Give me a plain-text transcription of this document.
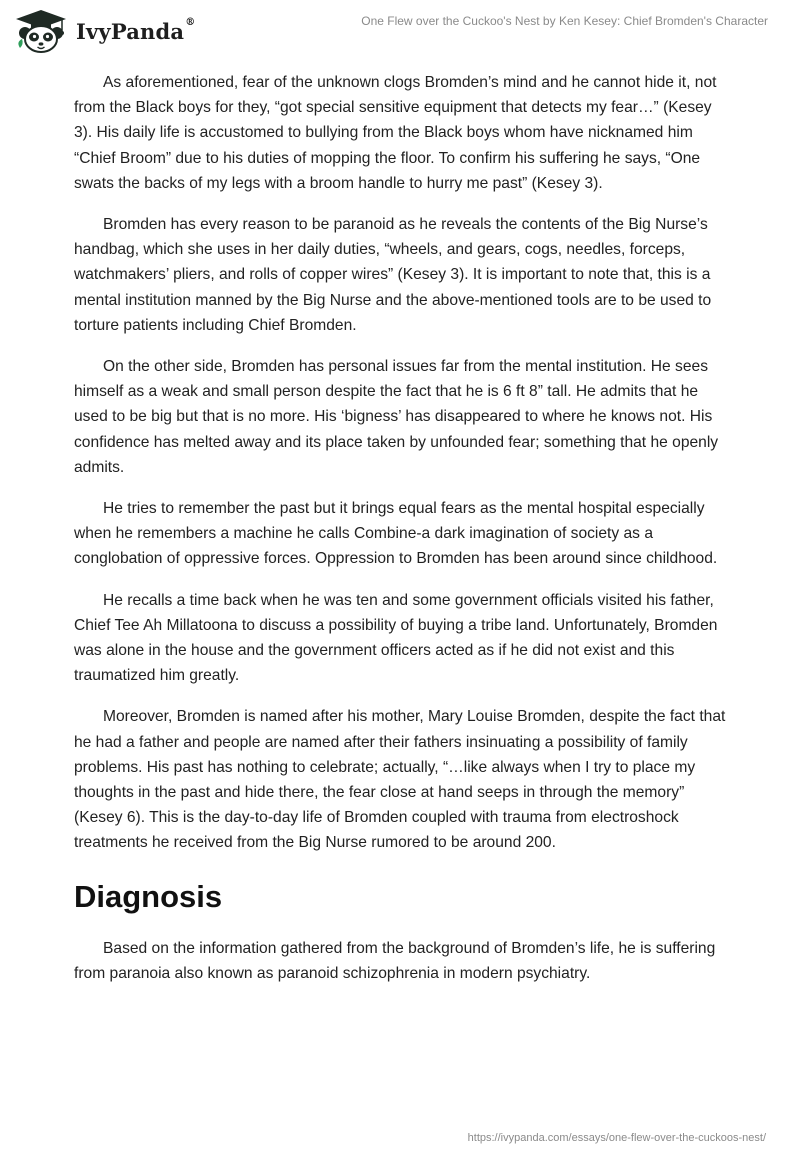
IvyPanda®	One Flew over the Cuckoo's Nest by Ken Kesey: Chief Bromden's Character

As aforementioned, fear of the unknown clogs Bromden’s mind and he cannot hide it, not from the Black boys for they, “got special sensitive equipment that detects my fear…” (Kesey 3). His daily life is accustomed to bullying from the Black boys whom have nicknamed him “Chief Broom” due to his duties of mopping the floor. To confirm his suffering he says, “One swats the backs of my legs with a broom handle to hurry me past” (Kesey 3).

Bromden has every reason to be paranoid as he reveals the contents of the Big Nurse’s handbag, which she uses in her daily duties, “wheels, and gears, cogs, needles, forceps, watchmakers’ pliers, and rolls of copper wires” (Kesey 3). It is important to note that, this is a mental institution manned by the Big Nurse and the above-mentioned tools are to be used to torture patients including Chief Bromden.

On the other side, Bromden has personal issues far from the mental institution. He sees himself as a weak and small person despite the fact that he is 6 ft 8” tall. He admits that he used to be big but that is no more. His ‘bigness’ has disappeared to where he knows not. His confidence has melted away and its place taken by unfounded fear; something that he openly admits.

He tries to remember the past but it brings equal fears as the mental hospital especially when he remembers a machine he calls Combine-a dark imagination of society as a conglobation of oppressive forces. Oppression to Bromden has been around since childhood.

He recalls a time back when he was ten and some government officials visited his father, Chief Tee Ah Millatoona to discuss a possibility of buying a tribe land. Unfortunately, Bromden was alone in the house and the government officers acted as if he did not exist and this traumatized him greatly.

Moreover, Bromden is named after his mother, Mary Louise Bromden, despite the fact that he had a father and people are named after their fathers insinuating a possibility of family problems. His past has nothing to celebrate; actually, “…like always when I try to place my thoughts in the past and hide there, the fear close at hand seeps in through the memory” (Kesey 6). This is the day-to-day life of Bromden coupled with trauma from electroshock treatments he received from the Big Nurse rumored to be around 200.

Diagnosis

Based on the information gathered from the background of Bromden’s life, he is suffering from paranoia also known as paranoid schizophrenia in modern psychiatry.

https://ivypanda.com/essays/one-flew-over-the-cuckoos-nest/
